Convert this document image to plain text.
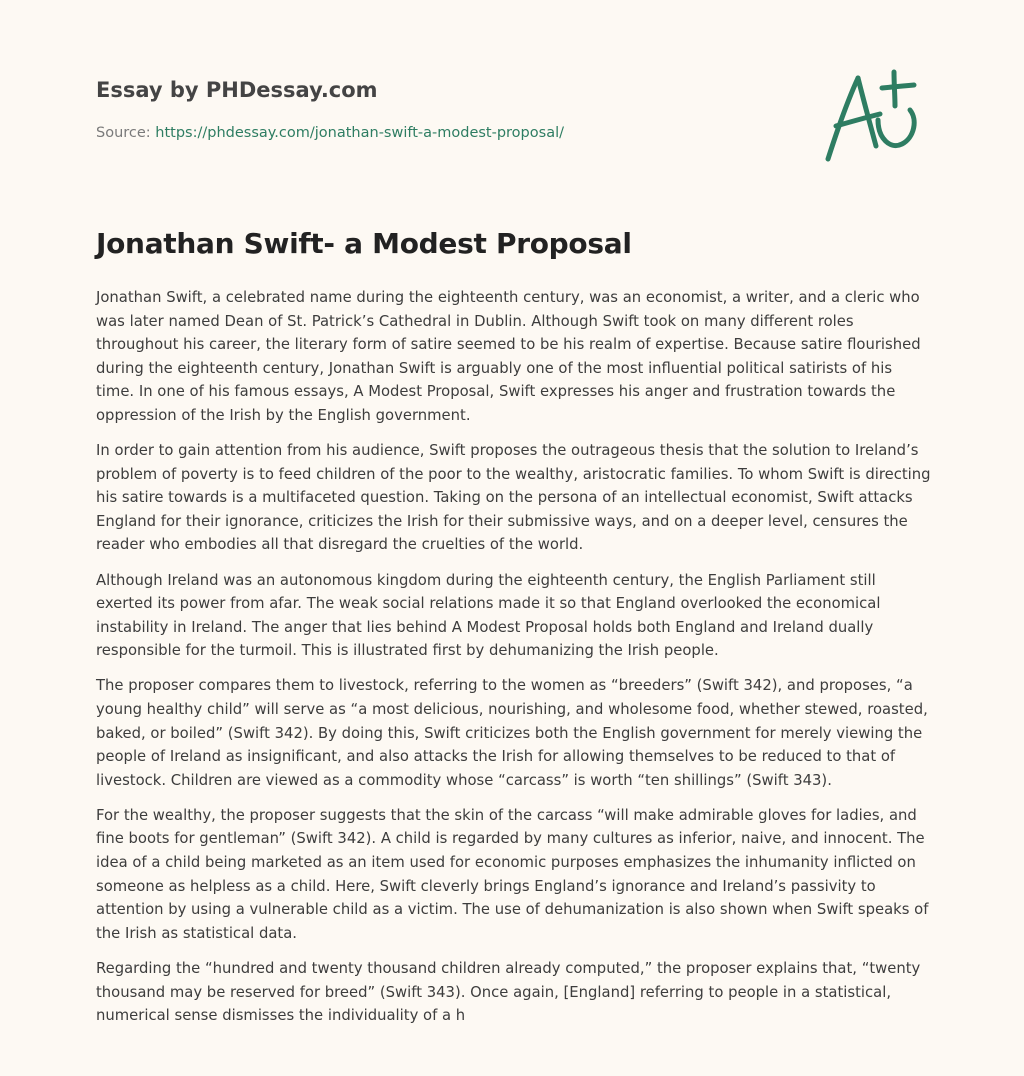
Essay by PHDessay.com
Source: https://phdessay.com/jonathan-swift-a-modest-proposal/
Jonathan Swift- a Modest Proposal

Jonathan Swift, a celebrated name during the eighteenth century, was an economist, a writer, and a cleric who was later named Dean of St. Patrick’s Cathedral in Dublin. Although Swift took on many different roles throughout his career, the literary form of satire seemed to be his realm of expertise. Because satire flourished during the eighteenth century, Jonathan Swift is arguably one of the most influential political satirists of his time. In one of his famous essays, A Modest Proposal, Swift expresses his anger and frustration towards the oppression of the Irish by the English government.

In order to gain attention from his audience, Swift proposes the outrageous thesis that the solution to Ireland’s problem of poverty is to feed children of the poor to the wealthy, aristocratic families. To whom Swift is directing his satire towards is a multifaceted question. Taking on the persona of an intellectual economist, Swift attacks England for their ignorance, criticizes the Irish for their submissive ways, and on a deeper level, censures the reader who embodies all that disregard the cruelties of the world.

Although Ireland was an autonomous kingdom during the eighteenth century, the English Parliament still exerted its power from afar. The weak social relations made it so that England overlooked the economical instability in Ireland. The anger that lies behind A Modest Proposal holds both England and Ireland dually responsible for the turmoil. This is illustrated first by dehumanizing the Irish people.

The proposer compares them to livestock, referring to the women as “breeders” (Swift 342), and proposes, “a young healthy child” will serve as “a most delicious, nourishing, and wholesome food, whether stewed, roasted, baked, or boiled” (Swift 342). By doing this, Swift criticizes both the English government for merely viewing the people of Ireland as insignificant, and also attacks the Irish for allowing themselves to be reduced to that of livestock. Children are viewed as a commodity whose “carcass” is worth “ten shillings” (Swift 343).

For the wealthy, the proposer suggests that the skin of the carcass “will make admirable gloves for ladies, and fine boots for gentleman” (Swift 342). A child is regarded by many cultures as inferior, naive, and innocent. The idea of a child being marketed as an item used for economic purposes emphasizes the inhumanity inflicted on someone as helpless as a child. Here, Swift cleverly brings England’s ignorance and Ireland’s passivity to attention by using a vulnerable child as a victim. The use of dehumanization is also shown when Swift speaks of the Irish as statistical data.

Regarding the “hundred and twenty thousand children already computed,” the proposer explains that, “twenty thousand may be reserved for breed” (Swift 343). Once again, [England] referring to people in a statistical, numerical sense dismisses the individuality of a h
